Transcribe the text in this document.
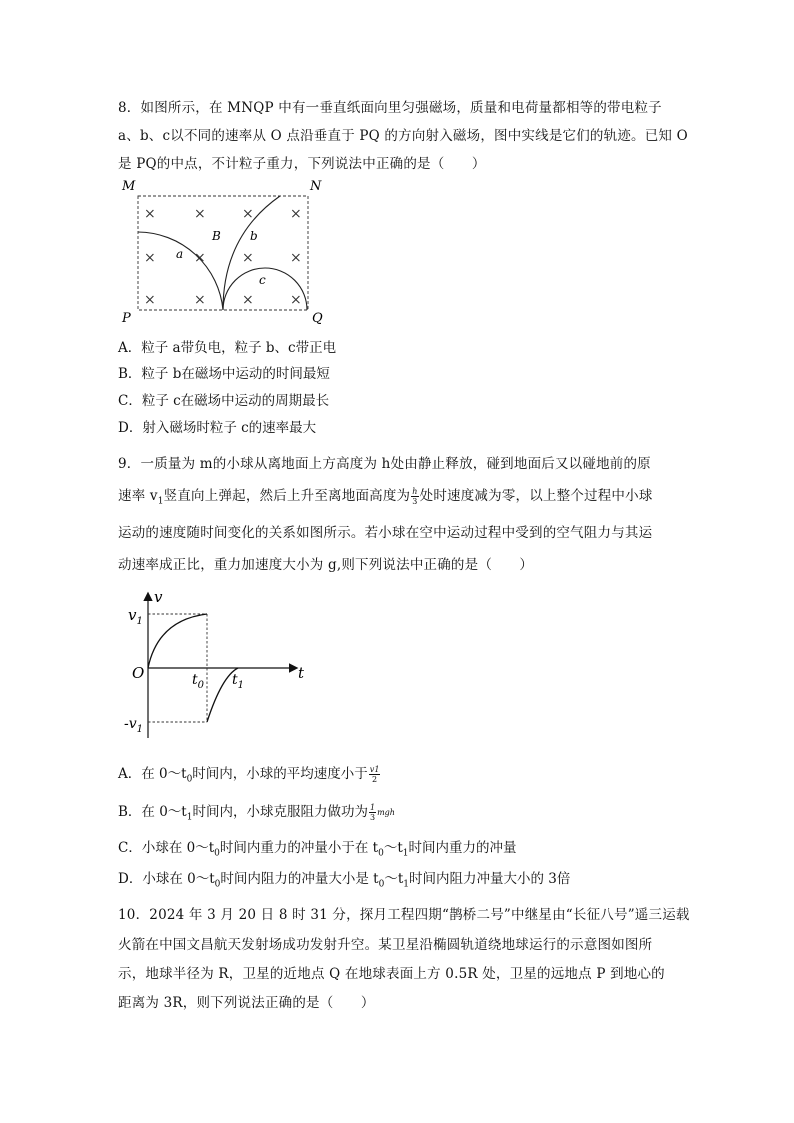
8．如图所示，在 MNQP 中有一垂直纸面向里匀强磁场，质量和电荷量都相等的带电粒子
a、b、c以不同的速率从 O 点沿垂直于 PQ 的方向射入磁场，图中实线是它们的轨迹。已知 O
是 PQ的中点，不计粒子重力，下列说法中正确的是（　　）
M	N
P	Q
×	×	×	×
×	×	×	×
×	×	×	×
a
b
c
B
A．粒子 a带负电，粒子 b、c带正电
B．粒子 b在磁场中运动的时间最短
C．粒子 c在磁场中运动的周期最长
D．射入磁场时粒子 c的速率最大
9．一质量为 m的小球从离地面上方高度为 h处由静止释放，碰到地面后又以碰地前的原
速率 $v_1$竖直向上弹起，然后上升至离地面高度为 $\frac{h}{3}$ 处时速度减为零，以上整个过程中小球
运动的速度随时间变化的关系如图所示。若小球在空中运动过程中受到的空气阻力与其运
动速率成正比，重力加速度大小为 g,则下列说法中正确的是（　　）
v
t
O
$v_1$
$-v_1$
$t_0$ $t_1$
A．在 $0\sim t_0$时间内，小球的平均速度小于 $\frac{v1}{2}$
B．在 $0\sim t_1$时间内，小球克服阻力做功为 $\frac{1}{3}$ mgh
C．小球在 $0\sim t_0$时间内重力的冲量小于在 $t_0\sim t_1$时间内重力的冲量
D．小球在 $0\sim t_0$时间内阻力的冲量大小是 $t_0\sim t_1$时间内阻力冲量大小的 3倍
10．2024 年 3 月 20 日 8 时 31 分，探月工程四期“鹊桥二号”中继星由“长征八号”遥三运载
火箭在中国文昌航天发射场成功发射升空。某卫星沿椭圆轨道绕地球运行的示意图如图所
示，地球半径为 R，卫星的近地点 Q 在地球表面上方 0.5R 处，卫星的远地点 P 到地心的
距离为 3R，则下列说法正确的是（　　）
